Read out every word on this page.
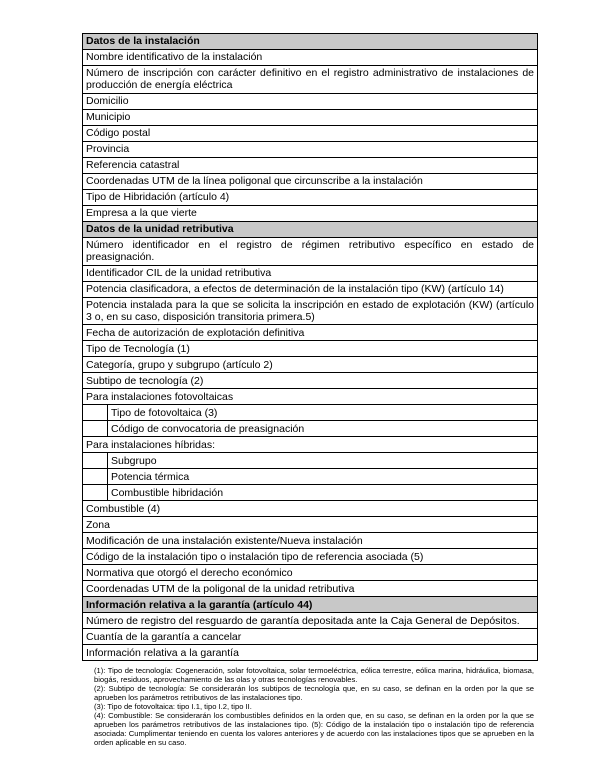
Datos de la instalación	
Nombre identificativo de la instalación	
Número de inscripción con carácter definitivo en el registro administrativo de instalaciones de producción de energía eléctrica	
Domicilio	
Municipio	
Código postal	
Provincia	
Referencia catastral	
Coordenadas UTM de la línea poligonal que circunscribe a la instalación	
Tipo de Hibridación (artículo 4)	
Empresa a la que vierte	
Datos de la unidad retributiva	
Número identificador en el registro de régimen retributivo específico en estado de preasignación.	
Identificador CIL de la unidad retributiva	
Potencia clasificadora, a efectos de determinación de la instalación tipo (KW) (artículo 14)	
Potencia instalada para la que se solicita la inscripción en estado de explotación (KW) (artículo 3 o, en su caso, disposición transitoria primera.5)	
Fecha de autorización de explotación definitiva	
Tipo de Tecnología (1)	
Categoría, grupo y subgrupo (artículo 2)	
Subtipo de tecnología (2)	
Para instalaciones fotovoltaicas	
	Tipo de fotovoltaica (3)
	Código de convocatoria de preasignación
Para instalaciones híbridas:	
	Subgrupo
	Potencia térmica
	Combustible hibridación
Combustible (4)	
Zona	
Modificación de una instalación existente/Nueva instalación	
Código de la instalación tipo o instalación tipo de referencia asociada (5)	
Normativa que otorgó el derecho económico	
Coordenadas UTM de la poligonal de la unidad retributiva	
Información relativa a la garantía (artículo 44)	
Número de registro del resguardo de garantía depositada ante la Caja General de Depósitos.	
Cuantía de la garantía a cancelar	
Información relativa a la garantía	

(1): Tipo de tecnología: Cogeneración, solar fotovoltaica, solar termoeléctrica, eólica terrestre, eólica marina, hidráulica, biomasa, biogás, residuos, aprovechamiento de las olas y otras tecnologías renovables.

(2): Subtipo de tecnología: Se considerarán los subtipos de tecnología que, en su caso, se definan en la orden por la que se aprueben los parámetros retributivos de las instalaciones tipo.

(3): Tipo de fotovoltaica: tipo I.1, tipo I.2, tipo II.

(4): Combustible: Se considerarán los combustibles definidos en la orden que, en su caso, se definan en la orden por la que se aprueben los parámetros retributivos de las instalaciones tipo. (5): Código de la instalación tipo o instalación tipo de referencia asociada: Cumplimentar teniendo en cuenta los valores anteriores y de acuerdo con las instalaciones tipos que se aprueben en la orden aplicable en su caso.
